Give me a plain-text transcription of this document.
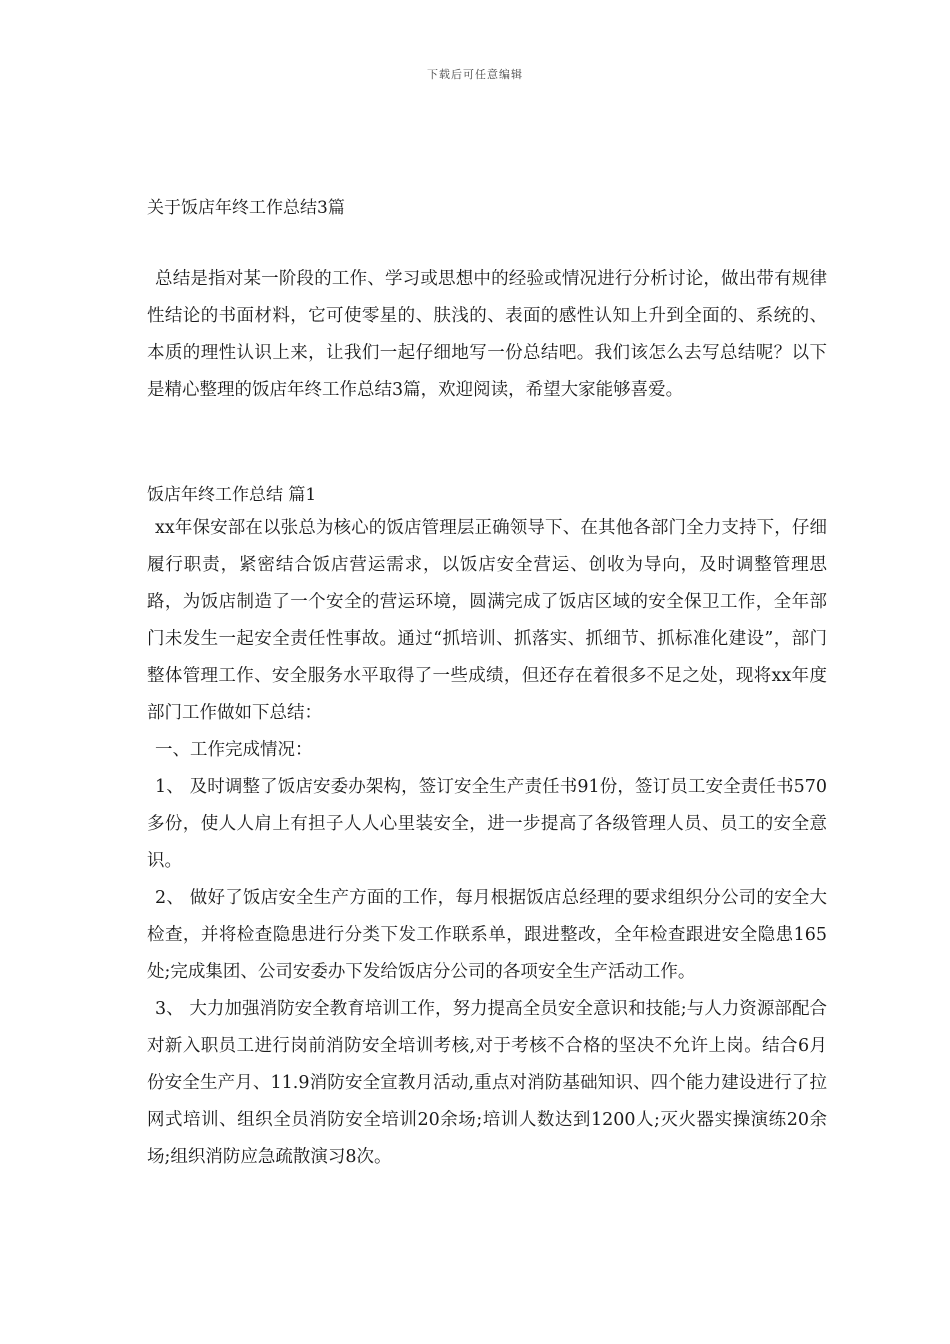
下载后可任意编辑
关于饭店年终工作总结3篇

总结是指对某一阶段的工作、学习或思想中的经验或情况进行分析讨论，做出带有规律性结论的书面材料，它可使零星的、肤浅的、表面的感性认知上升到全面的、系统的、本质的理性认识上来，让我们一起仔细地写一份总结吧。我们该怎么去写总结呢？以下是精心整理的饭店年终工作总结3篇，欢迎阅读，希望大家能够喜爱。

饭店年终工作总结 篇1

xx年保安部在以张总为核心的饭店管理层正确领导下、在其他各部门全力支持下，仔细履行职责，紧密结合饭店营运需求，以饭店安全营运、创收为导向，及时调整管理思路，为饭店制造了一个安全的营运环境，圆满完成了饭店区域的安全保卫工作，全年部门未发生一起安全责任性事故。通过“抓培训、抓落实、抓细节、抓标准化建设”，部门整体管理工作、安全服务水平取得了一些成绩，但还存在着很多不足之处，现将xx年度部门工作做如下总结：

一、工作完成情况：

1、 及时调整了饭店安委办架构，签订安全生产责任书91份，签订员工安全责任书570多份，使人人肩上有担子人人心里装安全，进一步提高了各级管理人员、员工的安全意识。

2、 做好了饭店安全生产方面的工作，每月根据饭店总经理的要求组织分公司的安全大检查，并将检查隐患进行分类下发工作联系单，跟进整改，全年检查跟进安全隐患165处;完成集团、公司安委办下发给饭店分公司的各项安全生产活动工作。

3、 大力加强消防安全教育培训工作，努力提高全员安全意识和技能;与人力资源部配合对新入职员工进行岗前消防安全培训考核,对于考核不合格的坚决不允许上岗。结合6月份安全生产月、11.9消防安全宣教月活动,重点对消防基础知识、四个能力建设进行了拉网式培训、组织全员消防安全培训20余场;培训人数达到1200人;灭火器实操演练20余场;组织消防应急疏散演习8次。
